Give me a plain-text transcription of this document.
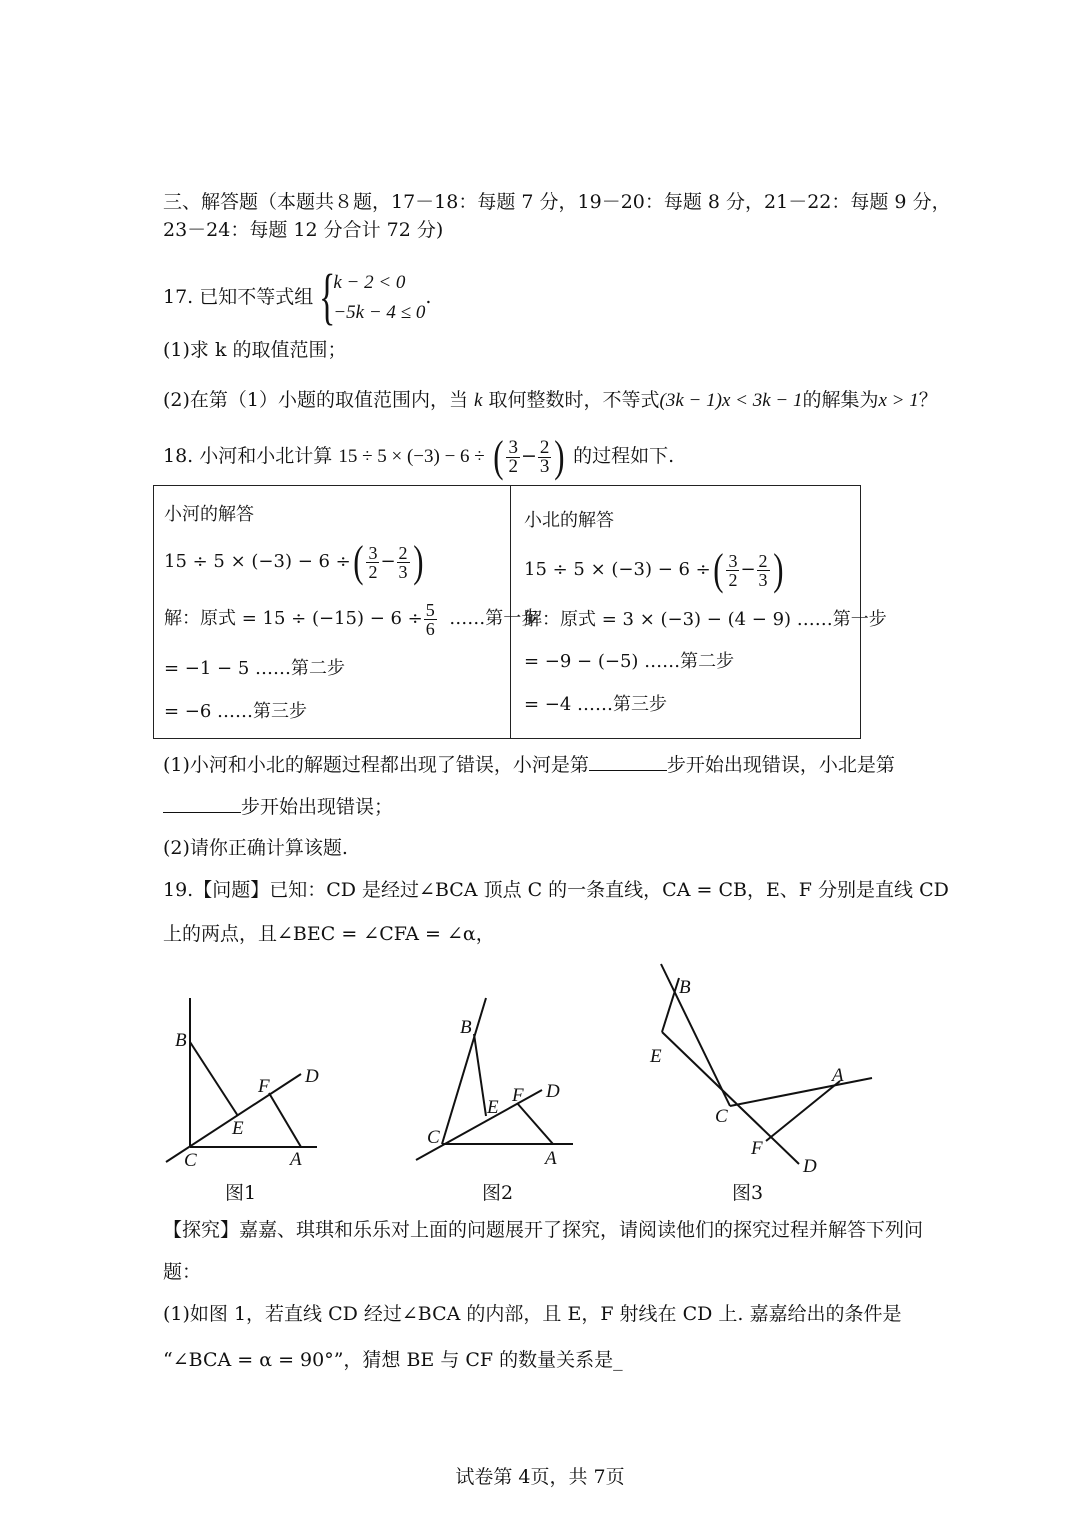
三、解答题（本题共８题，17－18：每题 7 分，19－20：每题 8 分，21－22：每题 9 分，
23－24：每题 12 分合计 72 分)
17. 已知不等式组 {
k − 2 < 0
−5k − 4 ≤ 0
.
(1)求 k 的取值范围；
(2)在第（1）小题的取值范围内，当 k 取何整数时，不等式(3k − 1)x < 3k − 1的解集为x > 1？
18. 小河和小北计算 15 ÷ 5 × (−3) − 6 ÷ ( $\frac{3}{2} - \frac{2}{3}$ ) 的过程如下.
小河的解答
15 ÷ 5 × (−3) − 6 ÷( $\frac{3}{2} - \frac{2}{3}$ )
解：原式 = $15 \div (-15) - 6 \div \frac{5}{6}$ ……第一步
= −1 − 5 ……第二步
= −6 ……第三步
小北的解答
15 ÷ 5 × (−3) − 6 ÷( $\frac{3}{2} - \frac{2}{3}$ )
解：原式 = 3 × (−3) − (4 − 9) ……第一步
= −9 − (−5) ……第二步
= −4 ……第三步
(1)小河和小北的解题过程都出现了错误，小河是第	步开始出现错误，小北是第
步开始出现错误；
(2)请你正确计算该题.
19.【问题】已知：CD 是经过∠BCA 顶点 C 的一条直线，CA = CB，E、F 分别是直线 CD
上的两点，且∠BEC = ∠CFA = ∠α，
B
F D
E
C	A
B
F D
E
C
A
B
E
A
C
F
D
图1	图2	图3
【探究】嘉嘉、琪琪和乐乐对上面的问题展开了探究，请阅读他们的探究过程并解答下列问
题：
(1)如图 1，若直线 CD 经过∠BCA 的内部，且 E，F 射线在 CD 上. 嘉嘉给出的条件是
“∠BCA = α = 90°”，猜想 BE 与 CF 的数量关系是_
试卷第 4页，共 7页
